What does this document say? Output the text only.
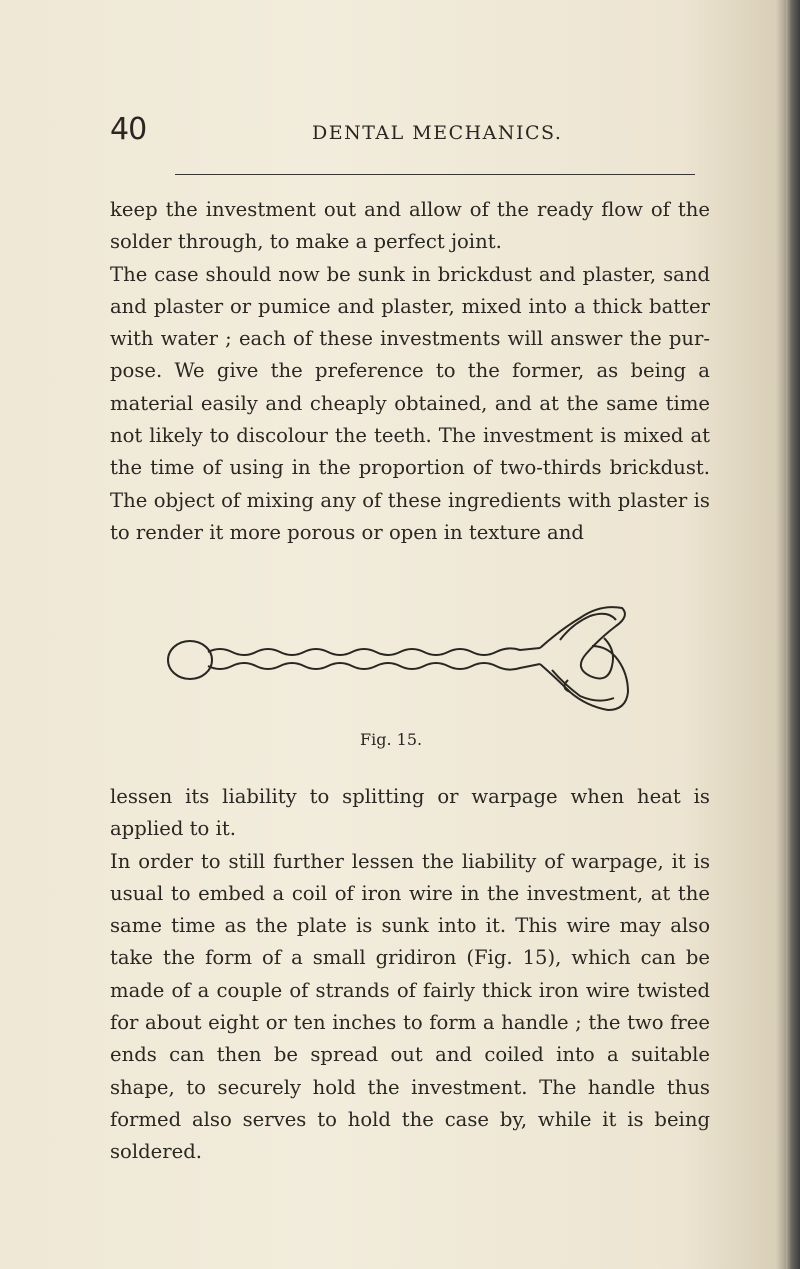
40	DENTAL MECHANICS.

keep the investment out and allow of the ready flow of the solder through, to make a perfect joint.

The case should now be sunk in brickdust and plaster, sand and plaster or pumice and plaster, mixed into a thick batter with water ; each of these investments will answer the purpose. We give the preference to the former, as being a material easily and cheaply obtained, and at the same time not likely to discolour the teeth. The investment is mixed at the time of using in the proportion of two-thirds brickdust. The object of mixing any of these ingredients with plaster is to render it more porous or open in texture and

Fig. 15.

lessen its liability to splitting or warpage when heat is applied to it.

In order to still further lessen the liability of warpage, it is usual to embed a coil of iron wire in the investment, at the same time as the plate is sunk into it. This wire may also take the form of a small gridiron (Fig. 15), which can be made of a couple of strands of fairly thick iron wire twisted for about eight or ten inches to form a handle ; the two free ends can then be spread out and coiled into a suitable shape, to securely hold the investment. The handle thus formed also serves to hold the case by, while it is being soldered.
